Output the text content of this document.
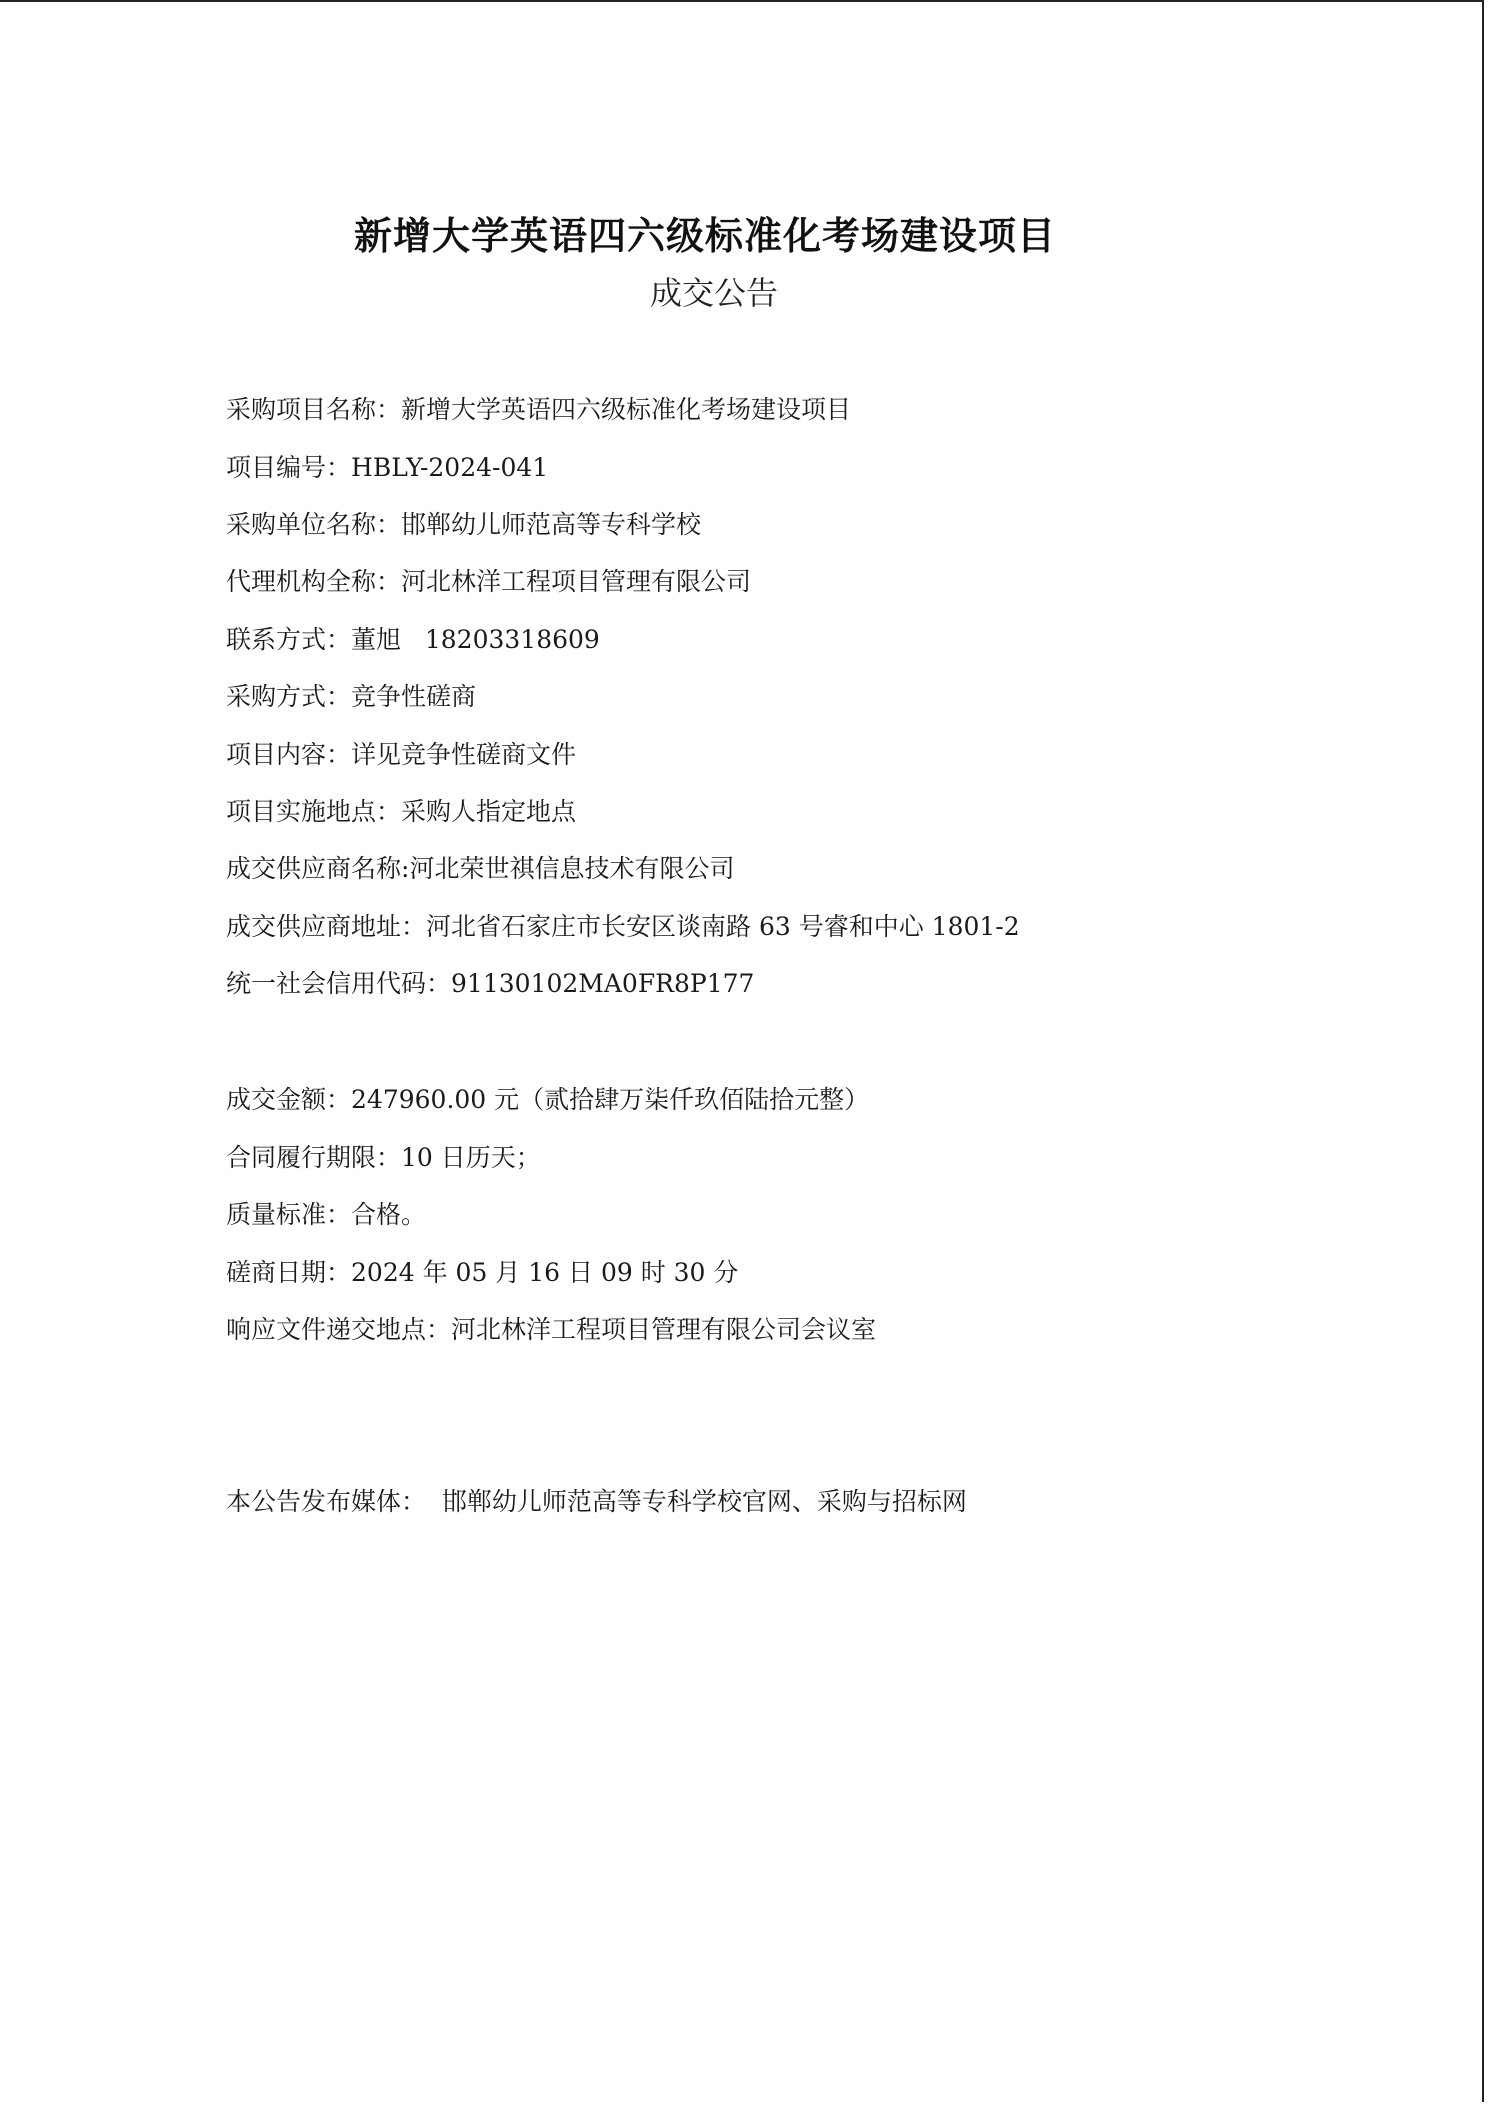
新增大学英语四六级标准化考场建设项目
成交公告
采购项目名称：新增大学英语四六级标准化考场建设项目
项目编号：HBLY-2024-041
采购单位名称：邯郸幼儿师范高等专科学校
代理机构全称：河北林洋工程项目管理有限公司
联系方式：董旭   18203318609
采购方式：竞争性磋商
项目内容：详见竞争性磋商文件
项目实施地点：采购人指定地点
成交供应商名称:河北荣世祺信息技术有限公司
成交供应商地址：河北省石家庄市长安区谈南路 63 号睿和中心 1801-2
统一社会信用代码：91130102MA0FR8P177
成交金额：247960.00 元（贰拾肆万柒仟玖佰陆拾元整）
合同履行期限：10 日历天；
质量标准：合格。
磋商日期：2024 年 05 月 16 日 09 时 30 分
响应文件递交地点：河北林洋工程项目管理有限公司会议室
本公告发布媒体：  邯郸幼儿师范高等专科学校官网、采购与招标网
